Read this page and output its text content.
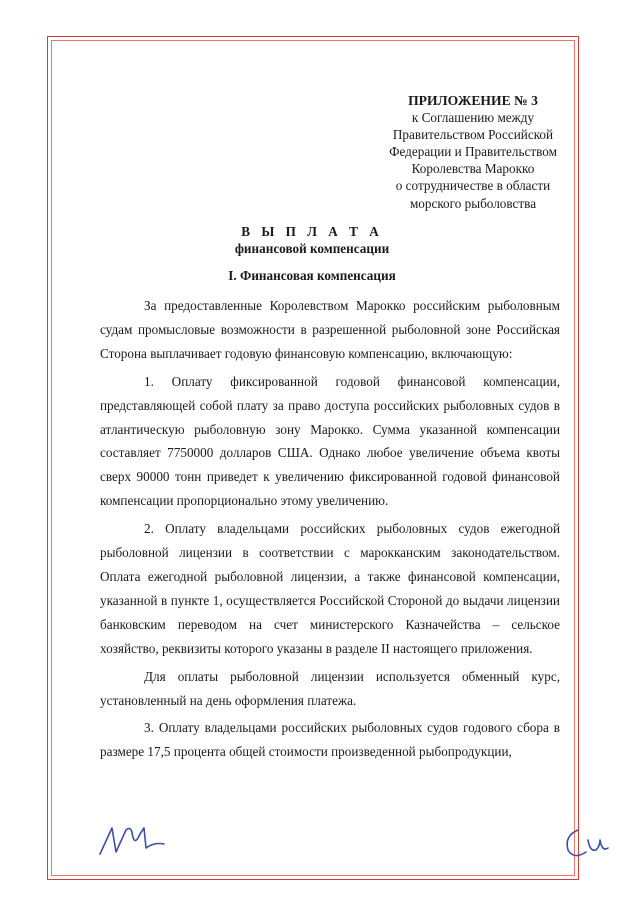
ПРИЛОЖЕНИЕ № 3
к Соглашению между
Правительством Российской
Федерации и Правительством
Королевства Марокко
о сотрудничестве в области
морского рыболовства
В Ы П Л А Т А
финансовой компенсации
I. Финансовая компенсация

За предоставленные Королевством Марокко российским рыболовным судам промысловые возможности в разрешенной рыболовной зоне Российская Сторона выплачивает годовую финансовую компенсацию, включающую:

1. Оплату фиксированной годовой финансовой компенсации, представляющей собой плату за право доступа российских рыболовных судов в атлантическую рыболовную зону Марокко. Сумма указанной компенсации составляет 7750000 долларов США. Однако любое увеличение объема квоты сверх 90000 тонн приведет к увеличению фиксированной годовой финансовой компенсации пропорционально этому увеличению.

2. Оплату владельцами российских рыболовных судов ежегодной рыболовной лицензии в соответствии с марокканским законодательством. Оплата ежегодной рыболовной лицензии, а также финансовой компенсации, указанной в пункте 1, осуществляется Российской Стороной до выдачи лицензии банковским переводом на счет министерского Казначейства – сельское хозяйство, реквизиты которого указаны в разделе II настоящего приложения.

Для оплаты рыболовной лицензии используется обменный курс, установленный на день оформления платежа.

3. Оплату владельцами российских рыболовных судов годового сбора в размере 17,5 процента общей стоимости произведенной рыбопродукции,
